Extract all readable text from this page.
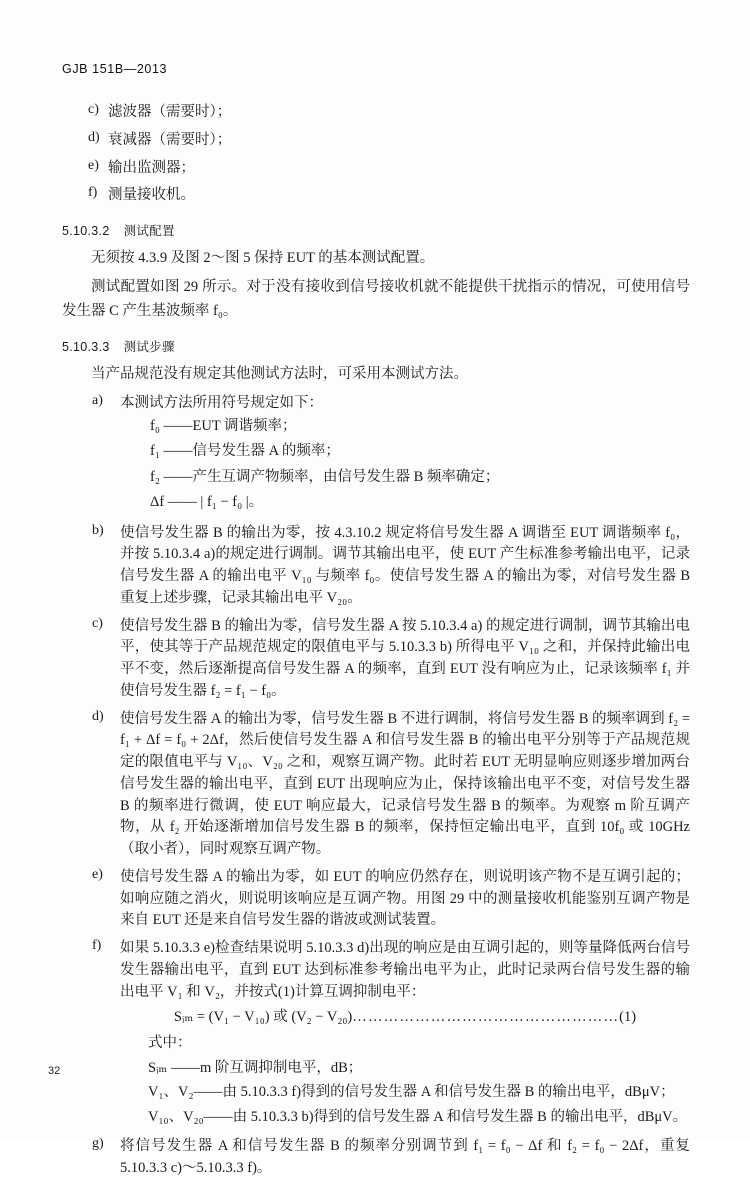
GJB 151B—2013
c) 滤波器（需要时）；
d) 衰减器（需要时）；
e) 输出监测器；
f) 测量接收机。
5.10.3.2 测试配置

无须按 4.3.9 及图 2～图 5 保持 EUT 的基本测试配置。

测试配置如图 29 所示。对于没有接收到信号接收机就不能提供干扰指示的情况，可使用信号发生器 C 产生基波频率 f₀。

5.10.3.3 测试步骤

当产品规范没有规定其他测试方法时，可采用本测试方法。

a)	本测试方法所用符号规定如下：
f₀ ——EUT 调谐频率；
f₁ ——信号发生器 A 的频率；
f₂ ——产生互调产物频率，由信号发生器 B 频率确定；
Δf —— | f₁ − f₀ |。
b)	使信号发生器 B 的输出为零，按 4.3.10.2 规定将信号发生器 A 调谐至 EUT 调谐频率 f₀，并按 5.10.3.4 a)的规定进行调制。调节其输出电平，使 EUT 产生标准参考输出电平，记录信号发生器 A 的输出电平 V₁₀ 与频率 f₀。使信号发生器 A 的输出为零，对信号发生器 B 重复上述步骤，记录其输出电平 V₂₀。
c)	使信号发生器 B 的输出为零，信号发生器 A 按 5.10.3.4 a) 的规定进行调制，调节其输出电平，使其等于产品规范规定的限值电平与 5.10.3.3 b) 所得电平 V₁₀ 之和，并保持此输出电平不变，然后逐渐提高信号发生器 A 的频率，直到 EUT 没有响应为止，记录该频率 f₁ 并使信号发生器 f₂ = f₁ − f₀。
d)	使信号发生器 A 的输出为零，信号发生器 B 不进行调制，将信号发生器 B 的频率调到 f₂ = f₁ + Δf = f₀ + 2Δf，然后使信号发生器 A 和信号发生器 B 的输出电平分别等于产品规范规定的限值电平与 V₁₀、V₂₀ 之和，观察互调产物。此时若 EUT 无明显响应则逐步增加两台信号发生器的输出电平，直到 EUT 出现响应为止，保持该输出电平不变，对信号发生器 B 的频率进行微调，使 EUT 响应最大，记录信号发生器 B 的频率。为观察 m 阶互调产物，从 f₂ 开始逐渐增加信号发生器 B 的频率，保持恒定输出电平，直到 10f₀ 或 10GHz（取小者），同时观察互调产物。
e)	使信号发生器 A 的输出为零，如 EUT 的响应仍然存在，则说明该产物不是互调引起的；如响应随之消火，则说明该响应是互调产物。用图 29 中的测量接收机能鉴别互调产物是来自 EUT 还是来自信号发生器的谐波或测试装置。
f)	如果 5.10.3.3 e)检查结果说明 5.10.3.3 d)出现的响应是由互调引起的，则等量降低两台信号发生器输出电平，直到 EUT 达到标准参考输出电平为止，此时记录两台信号发生器的输出电平 V₁ 和 V₂，并按式(1)计算互调抑制电平：
Sᵢₘ = (V₁ − V₁₀) 或 (V₂ − V₂₀)……………………………………………(1)
式中：
Sᵢₘ ——m 阶互调抑制电平，dB；
V₁、V₂——由 5.10.3.3 f)得到的信号发生器 A 和信号发生器 B 的输出电平，dBμV；
V₁₀、V₂₀——由 5.10.3.3 b)得到的信号发生器 A 和信号发生器 B 的输出电平，dBμV。
g)	将信号发生器 A 和信号发生器 B 的频率分别调节到 f₁ = f₀ − Δf 和 f₂ = f₀ − 2Δf，重复 5.10.3.3 c)～5.10.3.3 f)。
32
